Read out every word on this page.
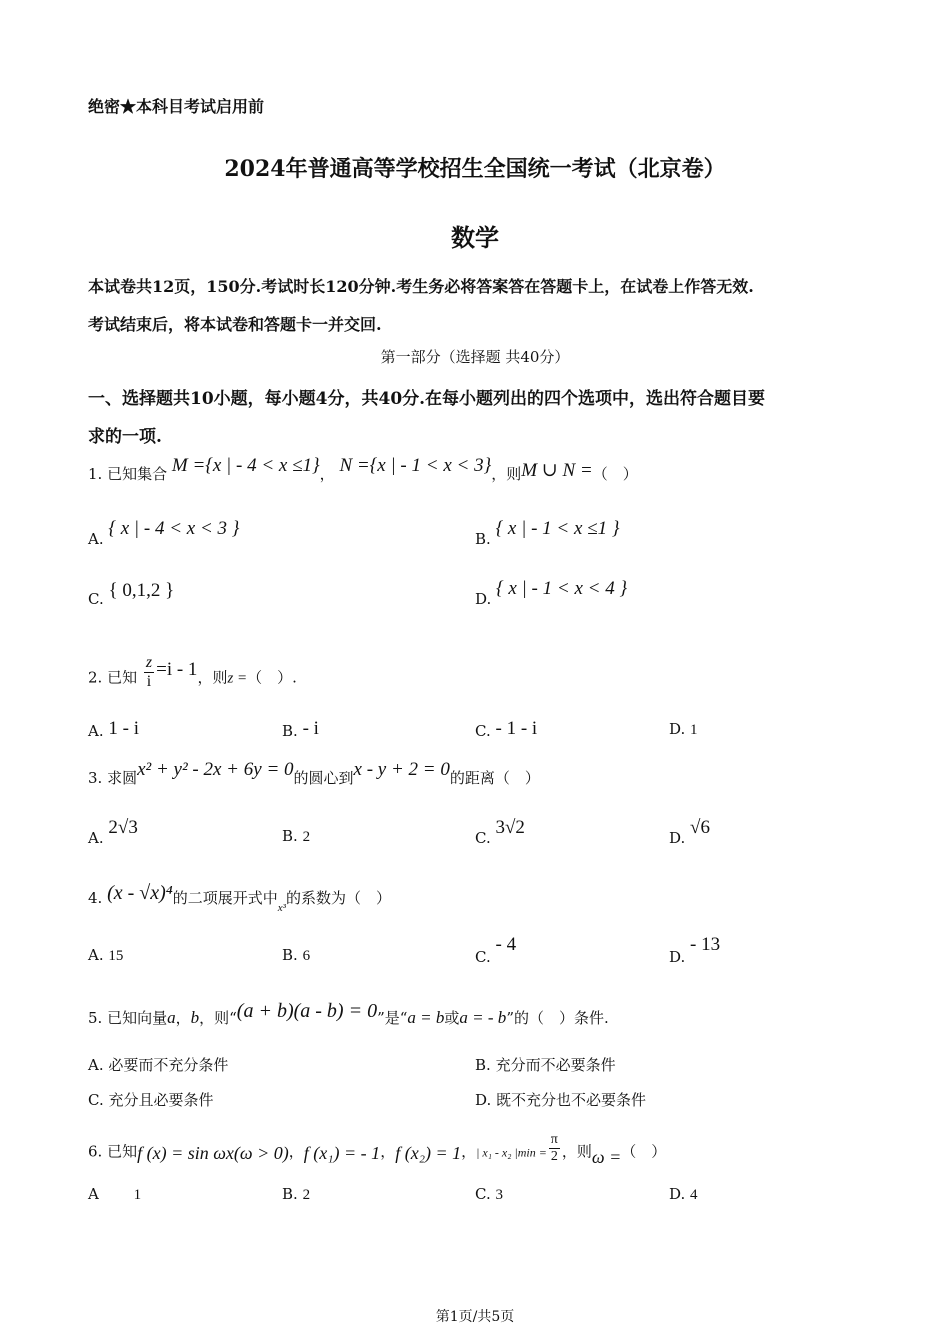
绝密★本科目考试启用前
2024年普通高等学校招生全国统一考试（北京卷）
数学
本试卷共12页，150分.考试时长120分钟.考生务必将答案答在答题卡上，在试卷上作答无效.
考试结束后，将本试卷和答题卡一并交回.
第一部分（选择题 共40分）
一、选择题共10小题，每小题4分，共40分.在每小题列出的四个选项中，选出符合题目要
求的一项.
1. 已知集合 M ={x | - 4 < x ≤1}， N ={x | - 1 < x < 3}，则M ∪ N =（　）
A. { x | - 4 < x < 3 }	B. { x | - 1 < x ≤1 }
C. { 0,1,2 }	D. { x | - 1 < x < 4 }
2. 已知 $\frac{z}{i} =i - 1$，则z =（　）.
A. 1 - i	B. - i	C. - 1 - i	D. 1
3. 求圆x² + y² - 2x + 6y = 0的圆心到x - y + 2 = 0的距离（　）
A. 2√3	B. 2	C. 3√2	D. √6
4. (x - √x)⁴的二项展开式中$_{x^3}$的系数为（　）
A. 15	B. 6	C. - 4
D. - 13
5. 已知向量a，b，则“(a + b)(a - b) = 0”是“a = b或a = - b”的（　）条件.
A. 必要而不充分条件	B. 充分而不必要条件
C. 充分且必要条件	D. 既不充分也不必要条件
6. 已知f (x) = sin ωx(ω > 0)，f (x₁) = - 1，f (x₂) = 1，| x₁ - x₂ $|\min = \frac{\pi}{2}$ ，则ω =（　）
A 1	B. 2	C. 3	D. 4
第1页/共5页
